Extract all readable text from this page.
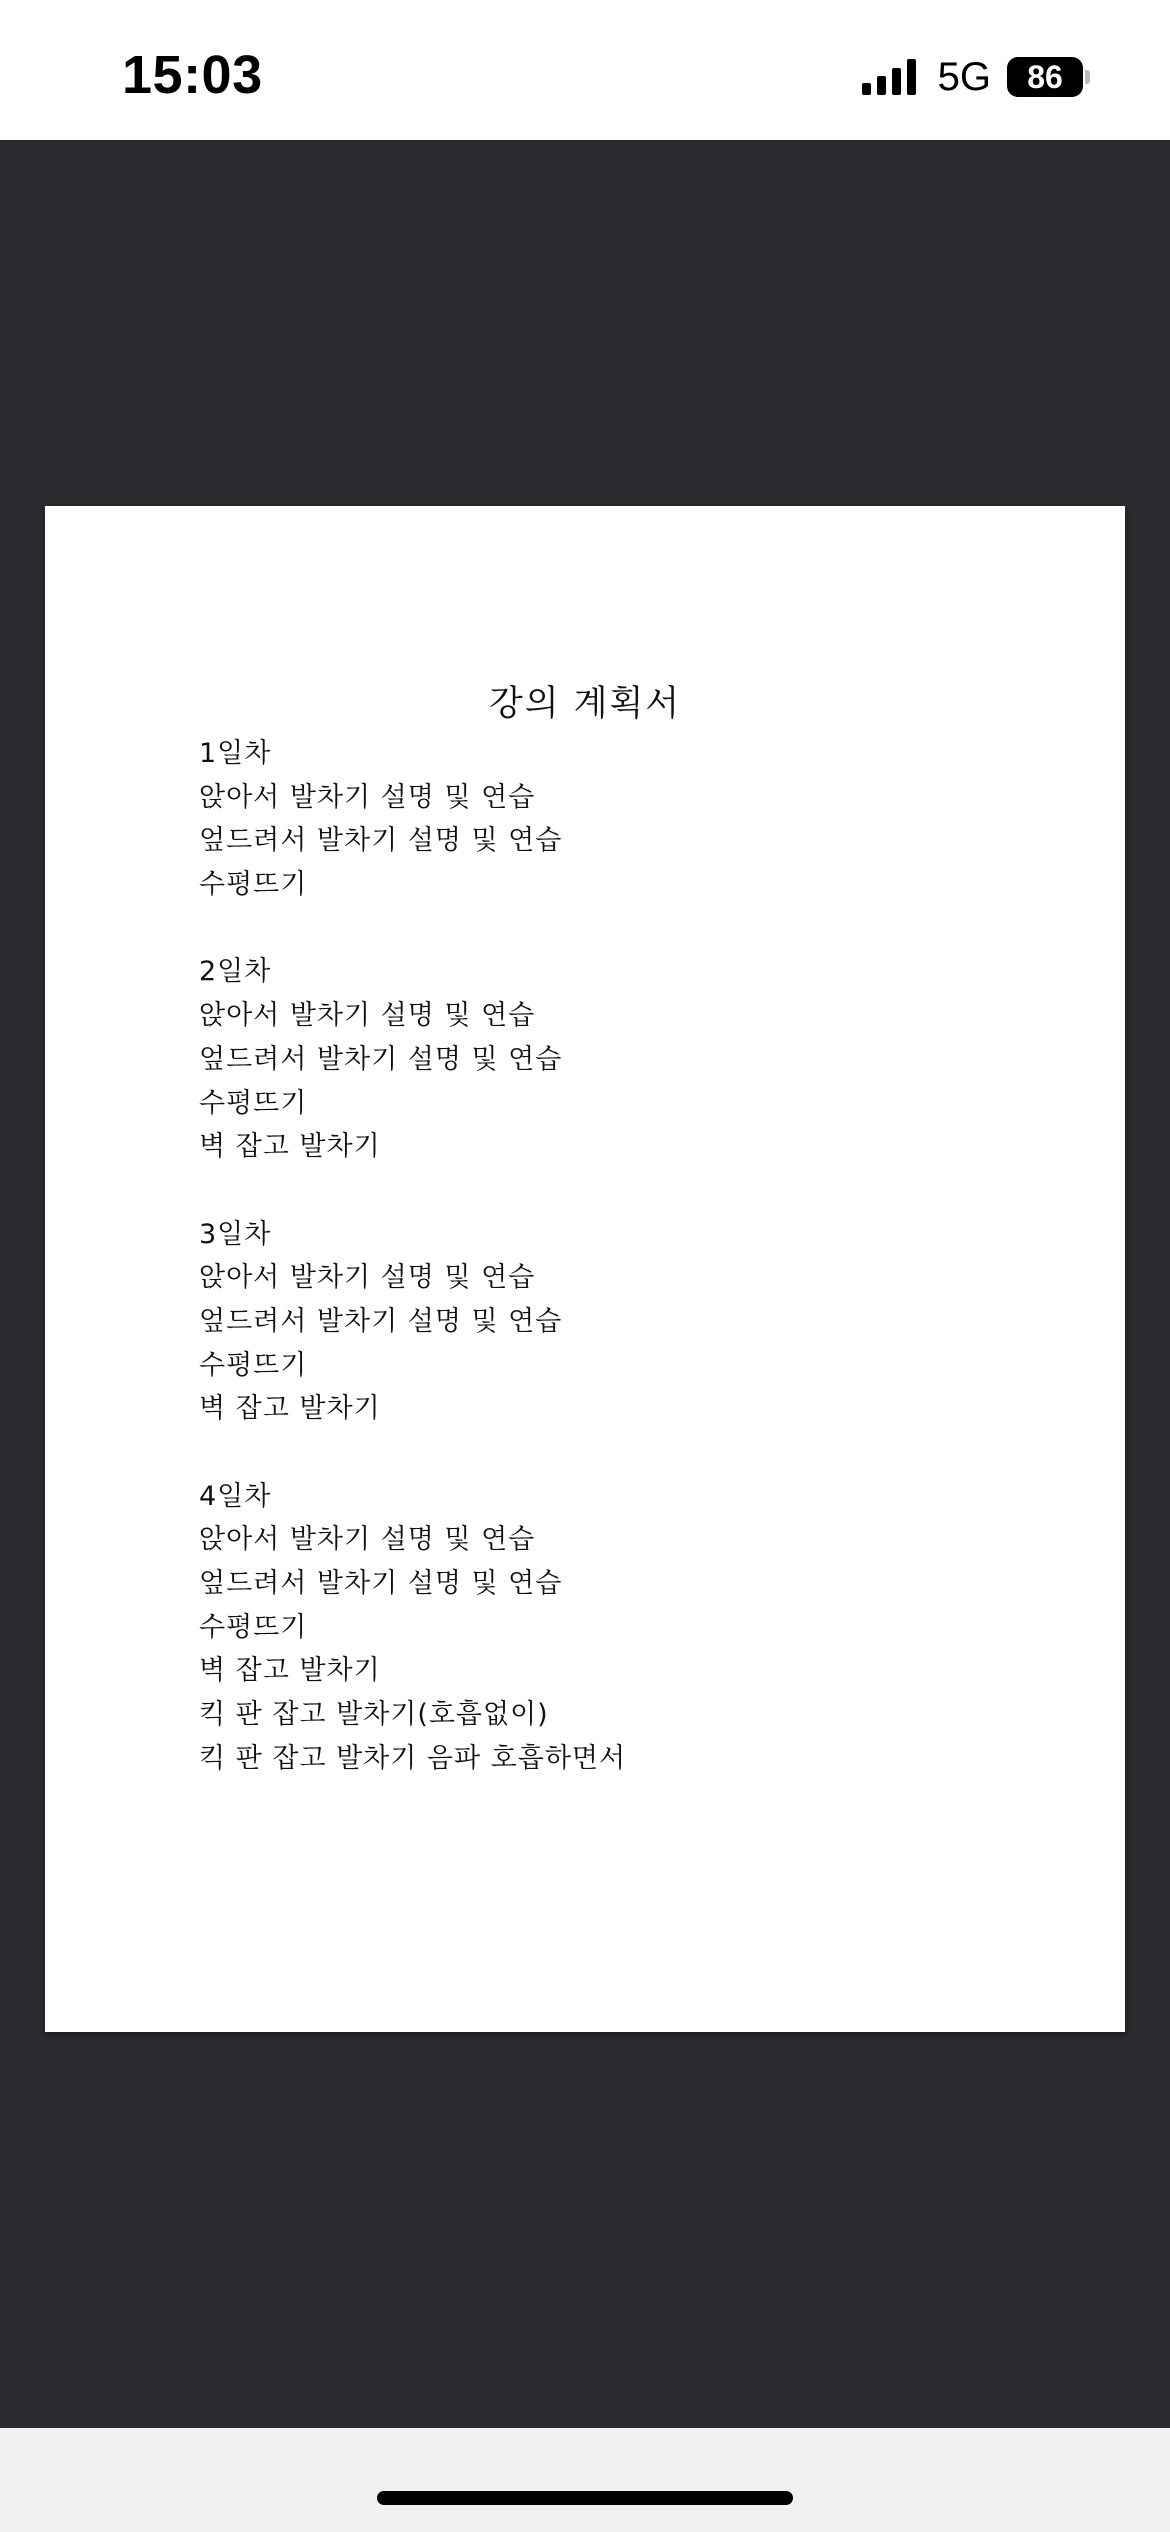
15:03	5G 86
강의 계획서
1일차
앉아서 발차기 설명 및 연습
엎드려서 발차기 설명 및 연습
수평뜨기
2일차
앉아서 발차기 설명 및 연습
엎드려서 발차기 설명 및 연습
수평뜨기
벽 잡고 발차기
3일차
앉아서 발차기 설명 및 연습
엎드려서 발차기 설명 및 연습
수평뜨기
벽 잡고 발차기
4일차
앉아서 발차기 설명 및 연습
엎드려서 발차기 설명 및 연습
수평뜨기
벽 잡고 발차기
킥 판 잡고 발차기(호흡없이)
킥 판 잡고 발차기 음파 호흡하면서
